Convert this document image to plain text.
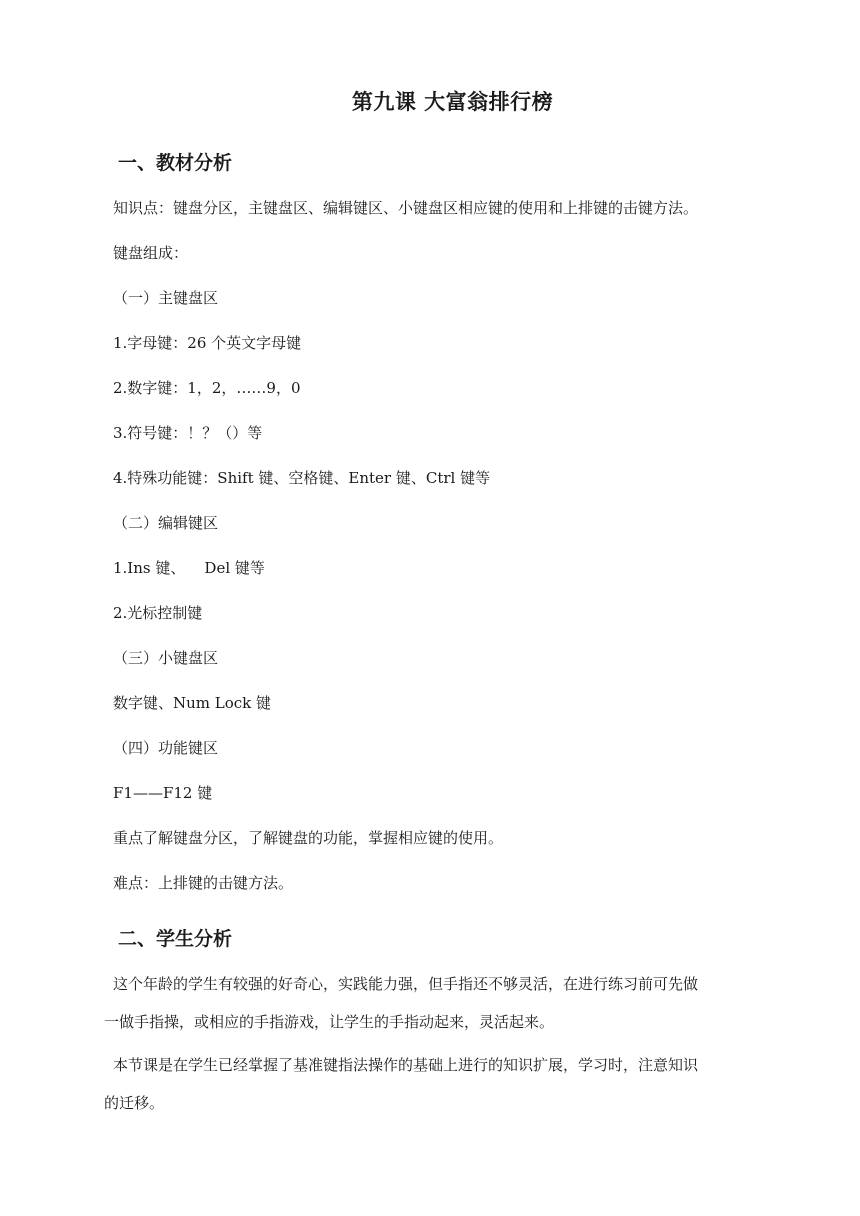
第九课 大富翁排行榜
一、教材分析
知识点：键盘分区，主键盘区、编辑键区、小键盘区相应键的使用和上排键的击键方法。
键盘组成：
（一）主键盘区
1.字母键：26 个英文字母键
2.数字键：1，2，……9，0
3.符号键：！？（）等
4.特殊功能键：Shift 键、空格键、Enter 键、Ctrl 键等
（二）编辑键区
1.Ins 键、    Del 键等
2.光标控制键
（三）小键盘区
数字键、Num Lock 键
（四）功能键区
F1——F12 键
重点了解键盘分区，了解键盘的功能，掌握相应键的使用。
难点：上排键的击键方法。
二、学生分析
这个年龄的学生有较强的好奇心，实践能力强，但手指还不够灵活，在进行练习前可先做
一做手指操，或相应的手指游戏，让学生的手指动起来，灵活起来。
本节课是在学生已经掌握了基准键指法操作的基础上进行的知识扩展，学习时，注意知识
的迁移。
